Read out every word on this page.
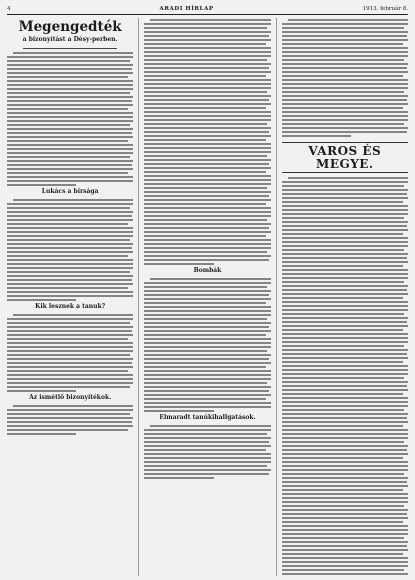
4	ARADI HÍRLAP	1913. február 8.
Megengedték
a bizonyítást a Désy-perben.
Lukács a bírsága
Kik lesznek a tanuk?
Az ismétlő bizonyítékok.
Bombák
Elmaradt tanúkihallgatások.
VAROS ÉS MEGYE.
